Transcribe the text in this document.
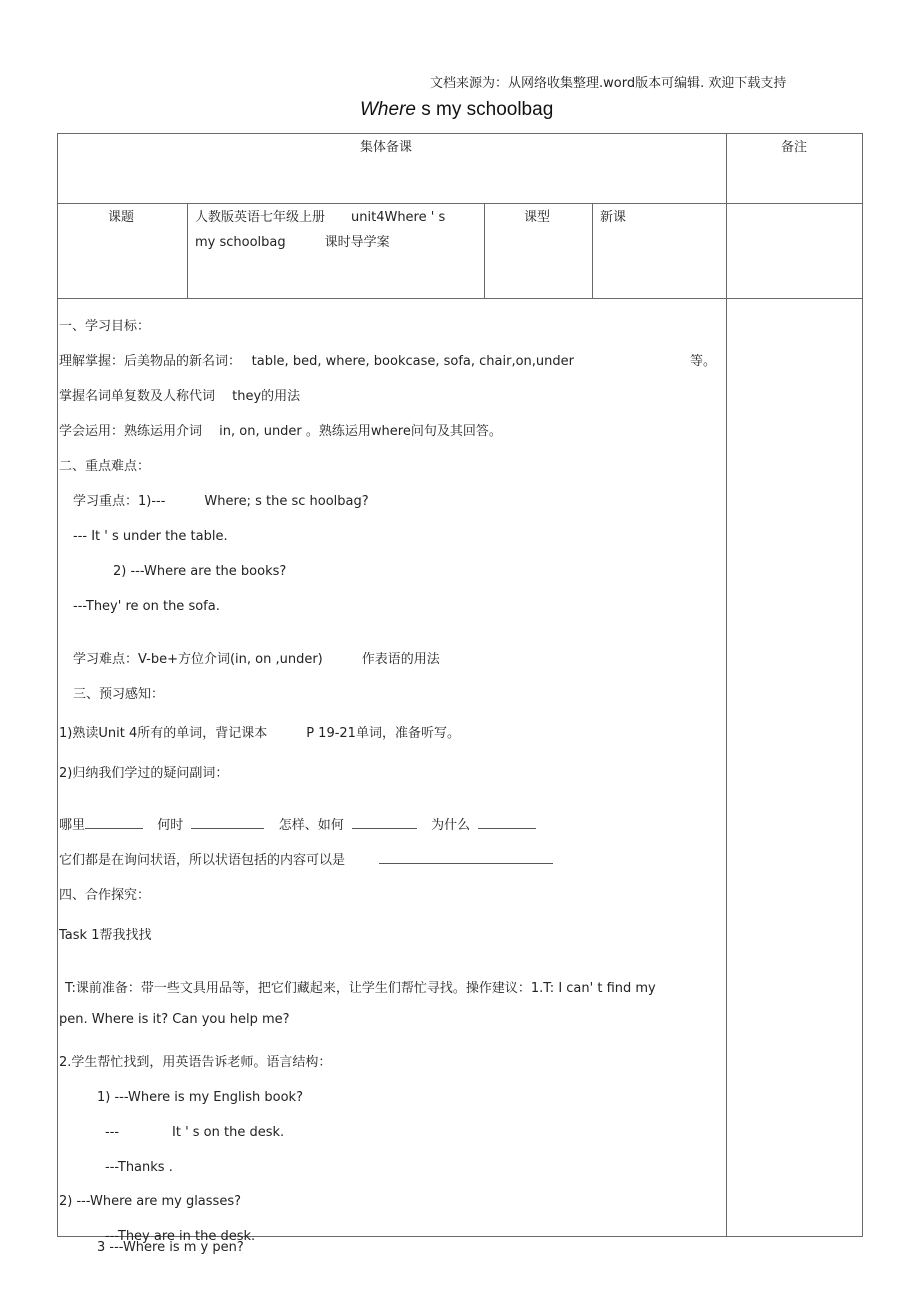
文档来源为：从网络收集整理.word版本可编辑. 欢迎下载支持
Where s my schoolbag
集体备课	备注
课题	人教版英语七年级上册　　unit4Where ' s
my schoolbag　　　课时导学案
课型	新课
一、学习目标：
理解掌握：后美物品的新名词：　 table, bed, where, bookcase, sofa, chair,on,under	等。
掌握名词单复数及人称代词　 they的用法
学会运用：熟练运用介词　 in, on, under 。熟练运用where问句及其回答。
二、重点难点：
学习重点：1)---　　　Where; s the sc hoolbag?
--- It ' s under the table.
2) ---Where are the books?
---They' re on the sofa.
学习难点：V-be+方位介词(in, on ,under)　　　作表语的用法
三、预习感知：
1)熟读Unit 4所有的单词，背记课本　　　P 19-21单词，准备听写。
2)归纳我们学过的疑问副词：
哪里	何时	怎样、如何	为什么
它们都是在询问状语，所以状语包括的内容可以是
四、合作探究：
Task 1帮我找找
T:课前准备：带一些文具用品等，把它们藏起来，让学生们帮忙寻找。操作建议：1.T: I can' t find my
pen. Where is it? Can you help me?
2.学生帮忙找到，用英语告诉老师。语言结构：
1) ---Where is my English book?
---	It ' s on the desk.
---Thanks .
2) ---Where are my glasses?
---They are in the desk.
3 ---Where is m y pen?
